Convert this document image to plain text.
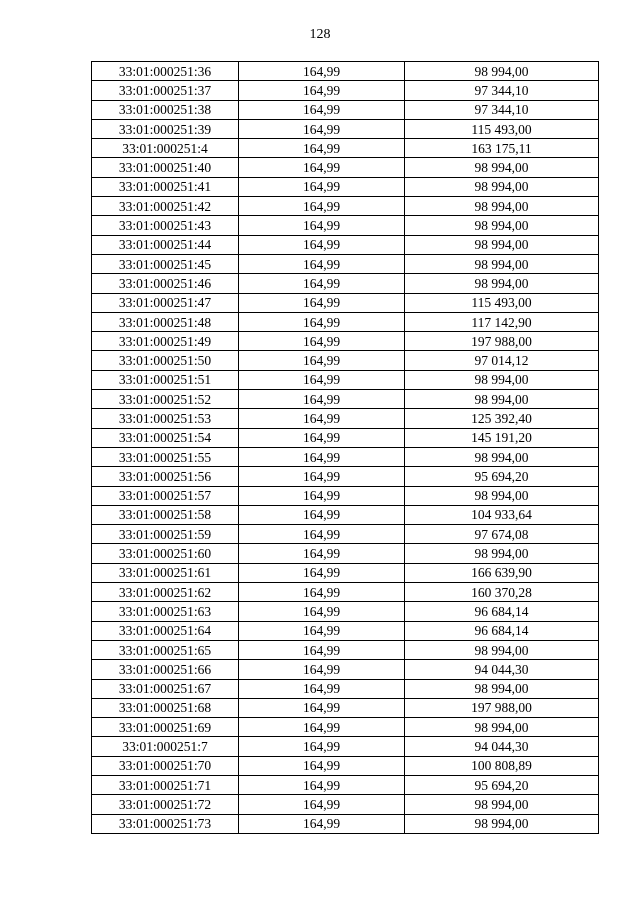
128
33:01:000251:36	164,99	98 994,00
33:01:000251:37	164,99	97 344,10
33:01:000251:38	164,99	97 344,10
33:01:000251:39	164,99	115 493,00
33:01:000251:4	164,99	163 175,11
33:01:000251:40	164,99	98 994,00
33:01:000251:41	164,99	98 994,00
33:01:000251:42	164,99	98 994,00
33:01:000251:43	164,99	98 994,00
33:01:000251:44	164,99	98 994,00
33:01:000251:45	164,99	98 994,00
33:01:000251:46	164,99	98 994,00
33:01:000251:47	164,99	115 493,00
33:01:000251:48	164,99	117 142,90
33:01:000251:49	164,99	197 988,00
33:01:000251:50	164,99	97 014,12
33:01:000251:51	164,99	98 994,00
33:01:000251:52	164,99	98 994,00
33:01:000251:53	164,99	125 392,40
33:01:000251:54	164,99	145 191,20
33:01:000251:55	164,99	98 994,00
33:01:000251:56	164,99	95 694,20
33:01:000251:57	164,99	98 994,00
33:01:000251:58	164,99	104 933,64
33:01:000251:59	164,99	97 674,08
33:01:000251:60	164,99	98 994,00
33:01:000251:61	164,99	166 639,90
33:01:000251:62	164,99	160 370,28
33:01:000251:63	164,99	96 684,14
33:01:000251:64	164,99	96 684,14
33:01:000251:65	164,99	98 994,00
33:01:000251:66	164,99	94 044,30
33:01:000251:67	164,99	98 994,00
33:01:000251:68	164,99	197 988,00
33:01:000251:69	164,99	98 994,00
33:01:000251:7	164,99	94 044,30
33:01:000251:70	164,99	100 808,89
33:01:000251:71	164,99	95 694,20
33:01:000251:72	164,99	98 994,00
33:01:000251:73	164,99	98 994,00
